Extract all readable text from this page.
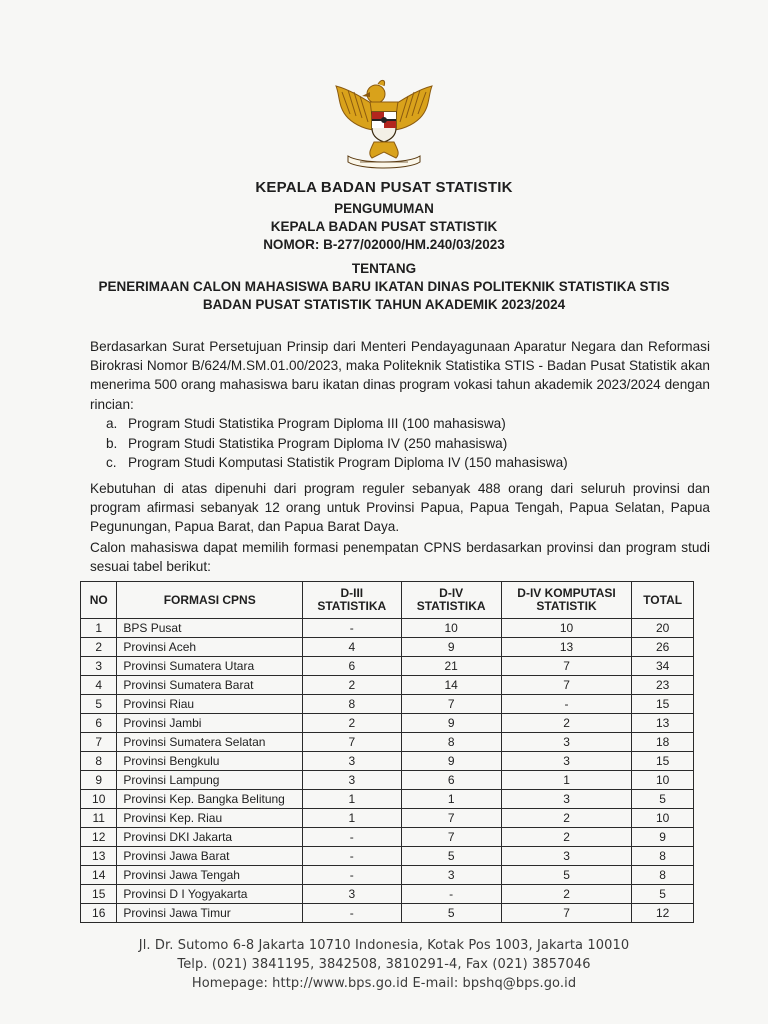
KEPALA BADAN PUSAT STATISTIK
PENGUMUMAN
KEPALA BADAN PUSAT STATISTIK
NOMOR: B-277/02000/HM.240/03/2023
TENTANG
PENERIMAAN CALON MAHASISWA BARU IKATAN DINAS POLITEKNIK STATISTIKA STIS
BADAN PUSAT STATISTIK TAHUN AKADEMIK 2023/2024

Berdasarkan Surat Persetujuan Prinsip dari Menteri Pendayagunaan Aparatur Negara dan Reformasi Birokrasi Nomor B/624/M.SM.01.00/2023, maka Politeknik Statistika STIS - Badan Pusat Statistik akan menerima 500 orang mahasiswa baru ikatan dinas program vokasi tahun akademik 2023/2024 dengan rincian:

a. Program Studi Statistika Program Diploma III (100 mahasiswa)
b. Program Studi Statistika Program Diploma IV (250 mahasiswa)
c. Program Studi Komputasi Statistik Program Diploma IV (150 mahasiswa)

Kebutuhan di atas dipenuhi dari program reguler sebanyak 488 orang dari seluruh provinsi dan program afirmasi sebanyak 12 orang untuk Provinsi Papua, Papua Tengah, Papua Selatan, Papua Pegunungan, Papua Barat, dan Papua Barat Daya.

Calon mahasiswa dapat memilih formasi penempatan CPNS berdasarkan provinsi dan program studi sesuai tabel berikut:

NO	FORMASI CPNS	D-III STATISTIKA	D-IV STATISTIKA	D-IV KOMPUTASI STATISTIK	TOTAL
1	BPS Pusat	-	10	10	20
2	Provinsi Aceh	4	9	13	26
3	Provinsi Sumatera Utara	6	21	7	34
4	Provinsi Sumatera Barat	2	14	7	23
5	Provinsi Riau	8	7	-	15
6	Provinsi Jambi	2	9	2	13
7	Provinsi Sumatera Selatan	7	8	3	18
8	Provinsi Bengkulu	3	9	3	15
9	Provinsi Lampung	3	6	1	10
10	Provinsi Kep. Bangka Belitung	1	1	3	5
11	Provinsi Kep. Riau	1	7	2	10
12	Provinsi DKI Jakarta	-	7	2	9
13	Provinsi Jawa Barat	-	5	3	8
14	Provinsi Jawa Tengah	-	3	5	8
15	Provinsi D I Yogyakarta	3	-	2	5
16	Provinsi Jawa Timur	-	5	7	12
Jl. Dr. Sutomo 6-8 Jakarta 10710 Indonesia, Kotak Pos 1003, Jakarta 10010
Telp. (021) 3841195, 3842508, 3810291-4, Fax (021) 3857046
Homepage: http://www.bps.go.id E-mail: bpshq@bps.go.id
